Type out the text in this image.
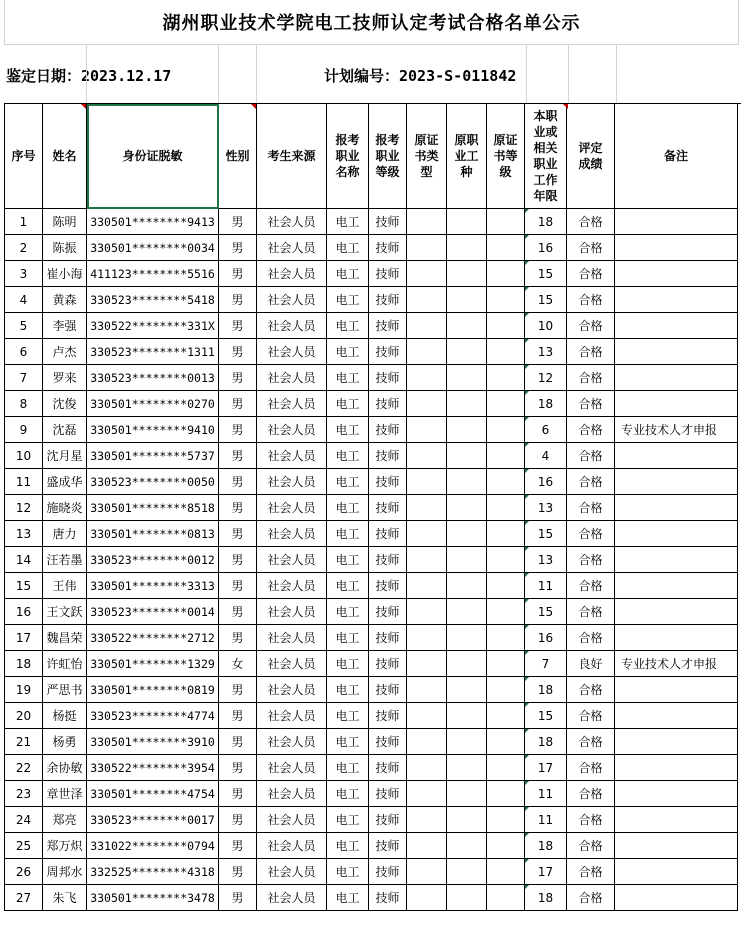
湖州职业技术学院电工技师认定考试合格名单公示
鉴定日期：2023.12.17	计划编号：2023-S-011842
序号	姓名	身份证脱敏	性别	考生来源	报考职业名称	报考职业等级	原证书类型	原职业工种	原证书等级	本职业或相关职业工作年限	评定成绩	备注
1	陈明	330501********9413	男	社会人员	电工	技师				18	合格	
2	陈振	330501********0034	男	社会人员	电工	技师				16	合格	
3	崔小海	411123********5516	男	社会人员	电工	技师				15	合格	
4	黄森	330523********5418	男	社会人员	电工	技师				15	合格	
5	李强	330522********331X	男	社会人员	电工	技师				10	合格	
6	卢杰	330523********1311	男	社会人员	电工	技师				13	合格	
7	罗来	330523********0013	男	社会人员	电工	技师				12	合格	
8	沈俊	330501********0270	男	社会人员	电工	技师				18	合格	
9	沈磊	330501********9410	男	社会人员	电工	技师				6	合格	专业技术人才申报
10	沈月星	330501********5737	男	社会人员	电工	技师				4	合格	
11	盛成华	330523********0050	男	社会人员	电工	技师				16	合格	
12	施晓炎	330501********8518	男	社会人员	电工	技师				13	合格	
13	唐力	330501********0813	男	社会人员	电工	技师				15	合格	
14	汪若墨	330523********0012	男	社会人员	电工	技师				13	合格	
15	王伟	330501********3313	男	社会人员	电工	技师				11	合格	
16	王文跃	330523********0014	男	社会人员	电工	技师				15	合格	
17	魏昌荣	330522********2712	男	社会人员	电工	技师				16	合格	
18	许虹怡	330501********1329	女	社会人员	电工	技师				7	良好	专业技术人才申报
19	严思书	330501********0819	男	社会人员	电工	技师				18	合格	
20	杨挺	330523********4774	男	社会人员	电工	技师				15	合格	
21	杨勇	330501********3910	男	社会人员	电工	技师				18	合格	
22	余协敏	330522********3954	男	社会人员	电工	技师				17	合格	
23	章世泽	330501********4754	男	社会人员	电工	技师				11	合格	
24	郑亮	330523********0017	男	社会人员	电工	技师				11	合格	
25	郑万炽	331022********0794	男	社会人员	电工	技师				18	合格	
26	周邦水	332525********4318	男	社会人员	电工	技师				17	合格	
27	朱飞	330501********3478	男	社会人员	电工	技师				18	合格	
